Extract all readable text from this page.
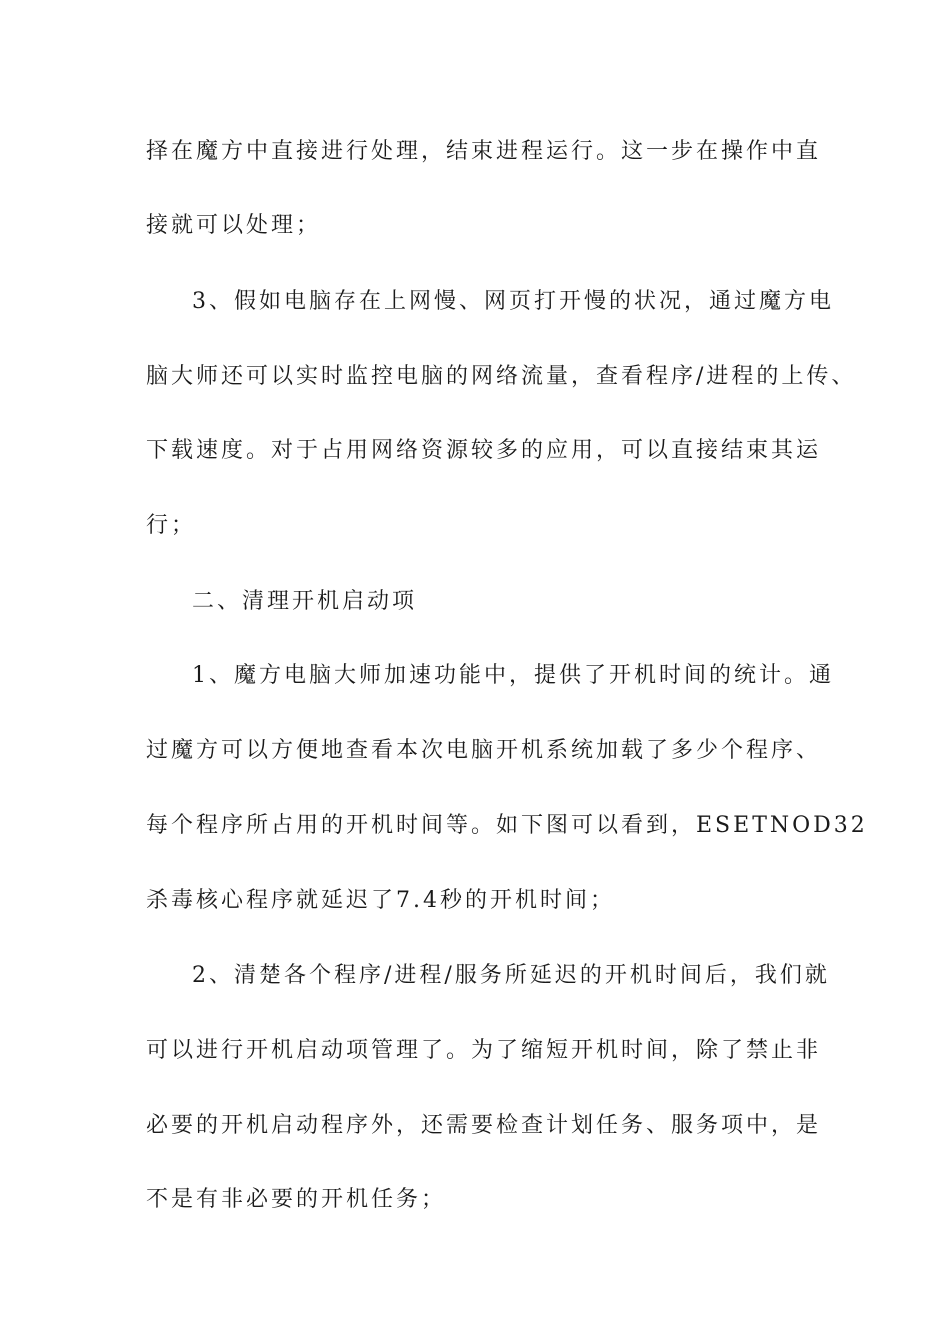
择在魔方中直接进行处理，结束进程运行。这一步在操作中直
接就可以处理；
3、假如电脑存在上网慢、网页打开慢的状况，通过魔方电
脑大师还可以实时监控电脑的网络流量，查看程序/进程的上传、
下载速度。对于占用网络资源较多的应用，可以直接结束其运
行；
二、清理开机启动项
1、魔方电脑大师加速功能中，提供了开机时间的统计。通
过魔方可以方便地查看本次电脑开机系统加载了多少个程序、
每个程序所占用的开机时间等。如下图可以看到，ESETNOD32
杀毒核心程序就延迟了7.4秒的开机时间；
2、清楚各个程序/进程/服务所延迟的开机时间后，我们就
可以进行开机启动项管理了。为了缩短开机时间，除了禁止非
必要的开机启动程序外，还需要检查计划任务、服务项中，是
不是有非必要的开机任务；
